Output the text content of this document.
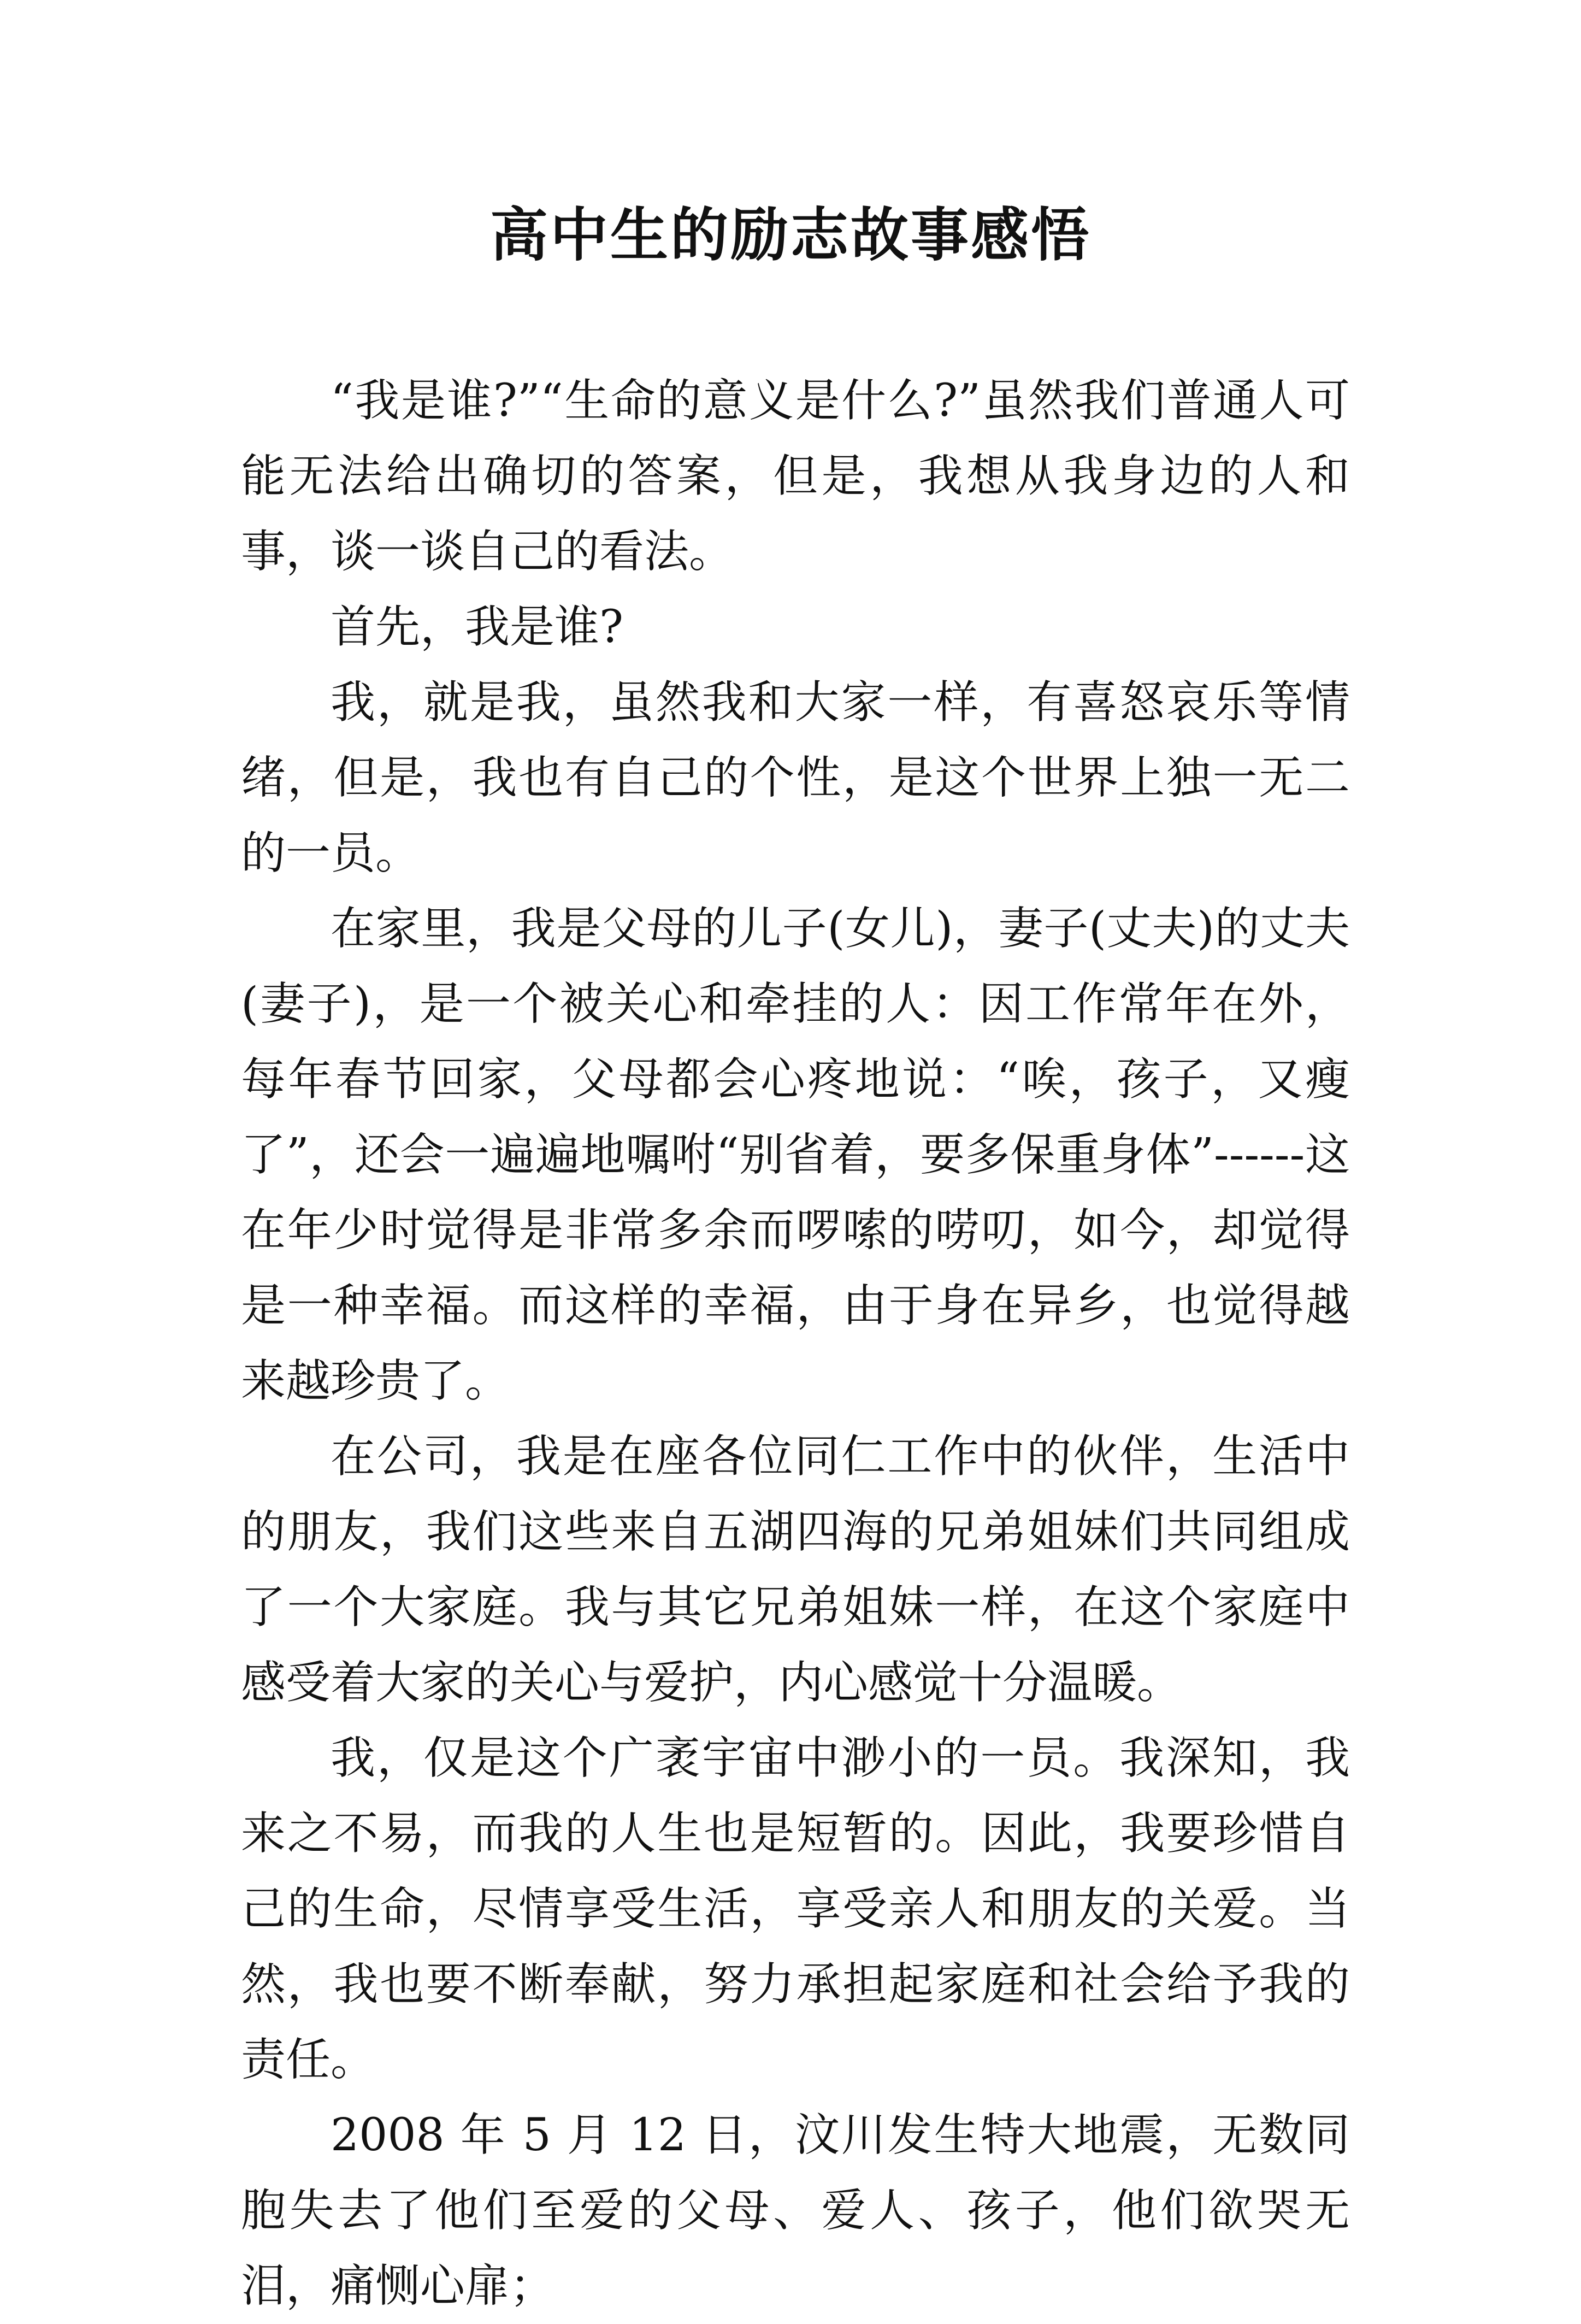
高中生的励志故事感悟

“我是谁?”“生命的意义是什么?”虽然我们普通人可能无法给出确切的答案，但是，我想从我身边的人和事，谈一谈自己的看法。

首先，我是谁?

我，就是我，虽然我和大家一样，有喜怒哀乐等情绪，但是，我也有自己的个性，是这个世界上独一无二的一员。

在家里，我是父母的儿子(女儿)，妻子(丈夫)的丈夫(妻子)，是一个被关心和牵挂的人：因工作常年在外，每年春节回家，父母都会心疼地说：“唉，孩子，又瘦了”，还会一遍遍地嘱咐“别省着，要多保重身体”------这在年少时觉得是非常多余而啰嗦的唠叨，如今，却觉得是一种幸福。而这样的幸福，由于身在异乡，也觉得越来越珍贵了。

在公司，我是在座各位同仁工作中的伙伴，生活中的朋友，我们这些来自五湖四海的兄弟姐妹们共同组成了一个大家庭。我与其它兄弟姐妹一样，在这个家庭中感受着大家的关心与爱护，内心感觉十分温暖。

我，仅是这个广袤宇宙中渺小的一员。我深知，我来之不易，而我的人生也是短暂的。因此，我要珍惜自己的生命，尽情享受生活，享受亲人和朋友的关爱。当然，我也要不断奉献，努力承担起家庭和社会给予我的责任。

2008 年 5 月 12 日，汶川发生特大地震，无数同胞失去了他们至爱的父母、爱人、孩子，他们欲哭无泪，痛恻心扉；
